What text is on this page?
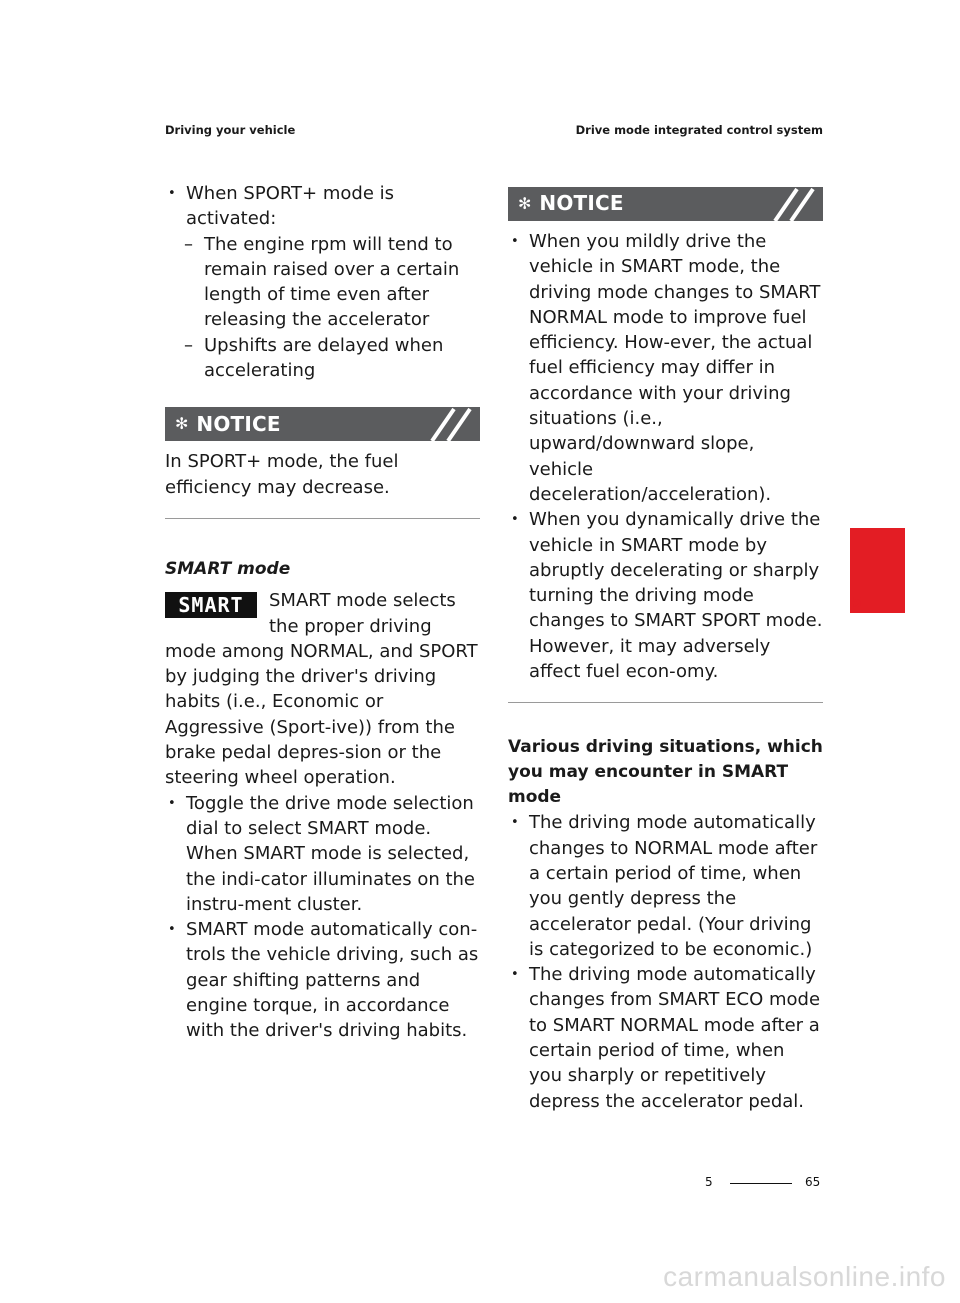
Driving your vehicle	Drive mode integrated control system
• When SPORT+ mode is activated:
– The engine rpm will tend to remain raised over a certain length of time even after releasing the accelerator
– Upshifts are delayed when accelerating
✻ NOTICE

In SPORT+ mode, the fuel efficiency may decrease.

SMART mode

SMART	SMART mode selects the proper driving mode among NORMAL, and SPORT by judging the driver's driving habits (i.e., Economic or Aggressive (Sport-ive)) from the brake pedal depres-sion or the steering wheel operation.

• Toggle the drive mode selection dial to select SMART mode. When SMART mode is selected, the indi-cator illuminates on the instru-ment cluster.
• SMART mode automatically con-trols the vehicle driving, such as gear shifting patterns and engine torque, in accordance with the driver's driving habits.
✻ NOTICE
• When you mildly drive the vehicle in SMART mode, the driving mode changes to SMART NORMAL mode to improve fuel efficiency. How-ever, the actual fuel efficiency may differ in accordance with your driving situations (i.e., upward/downward slope, vehicle deceleration/acceleration).
• When you dynamically drive the vehicle in SMART mode by abruptly decelerating or sharply turning the driving mode changes to SMART SPORT mode. However, it may adversely affect fuel econ-omy.

Various driving situations, which you may encounter in SMART mode

• The driving mode automatically changes to NORMAL mode after a certain period of time, when you gently depress the accelerator pedal. (Your driving is categorized to be economic.)
• The driving mode automatically changes from SMART ECO mode to SMART NORMAL mode after a certain period of time, when you sharply or repetitively depress the accelerator pedal.
5
5	65
carmanualsonline.info
